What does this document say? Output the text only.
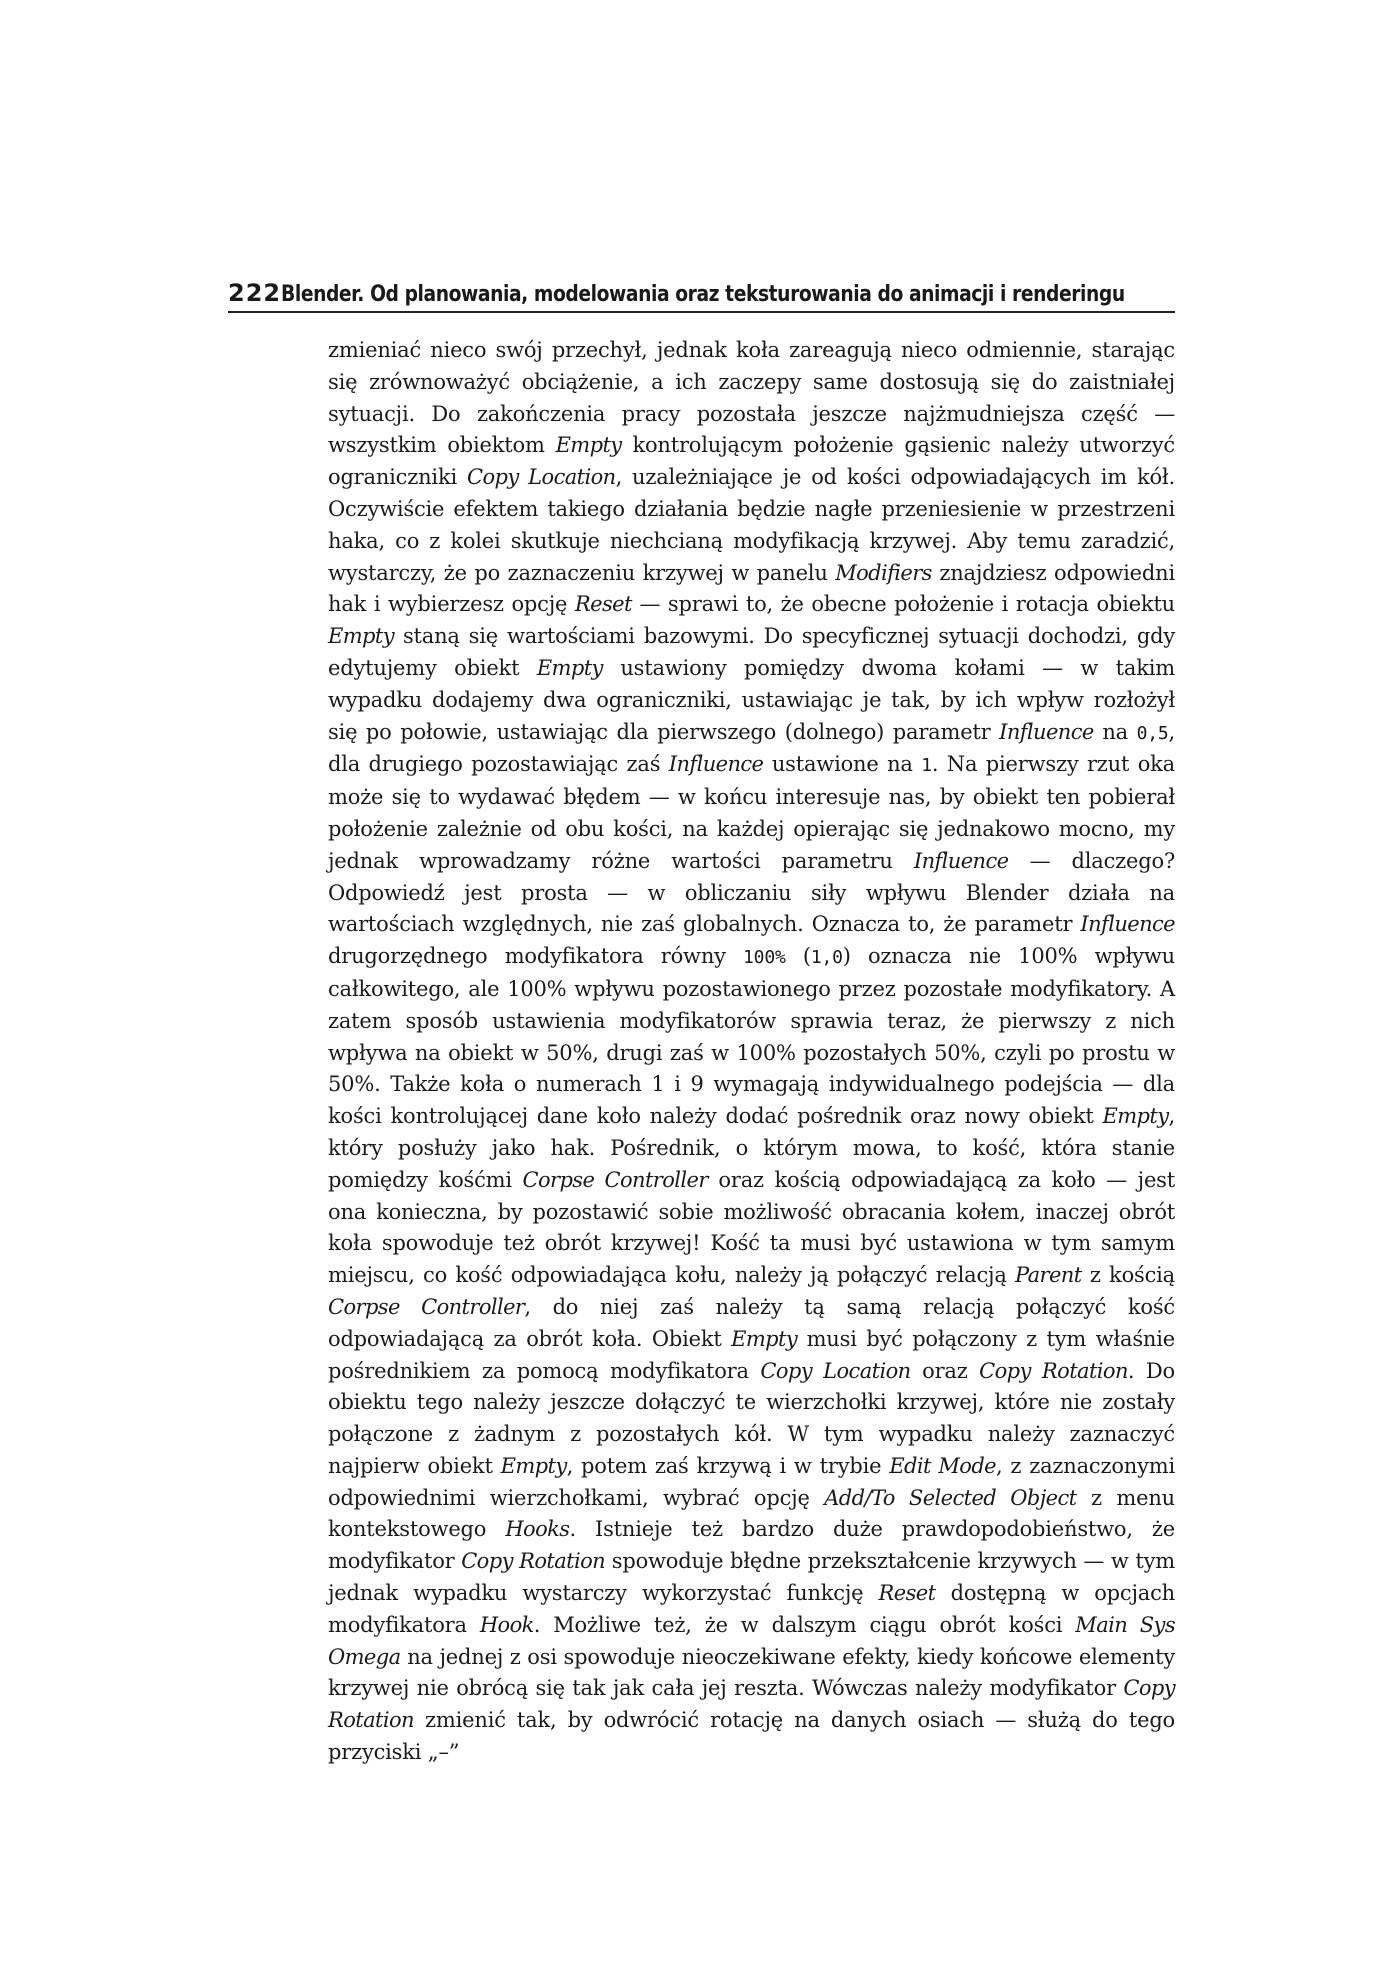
222 Blender. Od planowania, modelowania oraz teksturowania do animacji i renderingu

zmieniać nieco swój przechył, jednak koła zareagują nieco odmiennie, starając się zrównoważyć obciążenie, a ich zaczepy same dostosują się do zaistniałej sytuacji. Do zakończenia pracy pozostała jeszcze najżmudniejsza część — wszystkim obiektom Empty kontrolującym położenie gąsienic należy utworzyć ograniczniki Copy Location, uzależniające je od kości odpowiadających im kół. Oczywiście efektem takiego działania będzie nagłe przeniesienie w przestrzeni haka, co z kolei skutkuje niechcianą modyfikacją krzywej. Aby temu zaradzić, wystarczy, że po zaznaczeniu krzywej w panelu Modifiers znajdziesz odpowiedni hak i wybierzesz opcję Reset — sprawi to, że obecne położenie i rotacja obiektu Empty staną się wartościami bazowymi. Do specyficznej sytuacji dochodzi, gdy edytujemy obiekt Empty ustawiony pomiędzy dwoma kołami — w takim wypadku dodajemy dwa ograniczniki, ustawiając je tak, by ich wpływ rozłożył się po połowie, ustawiając dla pierwszego (dolnego) parametr Influence na 0,5, dla drugiego pozostawiając zaś Influence ustawione na 1. Na pierwszy rzut oka może się to wydawać błędem — w końcu interesuje nas, by obiekt ten pobierał położenie zależnie od obu kości, na każdej opierając się jednakowo mocno, my jednak wprowadzamy różne wartości parametru Influence — dlaczego? Odpowiedź jest prosta — w obliczaniu siły wpływu Blender działa na wartościach względnych, nie zaś globalnych. Oznacza to, że parametr Influence drugorzędnego modyfikatora równy 100% (1,0) oznacza nie 100% wpływu całkowitego, ale 100% wpływu pozostawionego przez pozostałe modyfikatory. A zatem sposób ustawienia modyfikatorów sprawia teraz, że pierwszy z nich wpływa na obiekt w 50%, drugi zaś w 100% pozostałych 50%, czyli po prostu w 50%. Także koła o numerach 1 i 9 wymagają indywidualnego podejścia — dla kości kontrolującej dane koło należy dodać pośrednik oraz nowy obiekt Empty, który posłuży jako hak. Pośrednik, o którym mowa, to kość, która stanie pomiędzy kośćmi Corpse Controller oraz kością odpowiadającą za koło — jest ona konieczna, by pozostawić sobie możliwość obracania kołem, inaczej obrót koła spowoduje też obrót krzywej! Kość ta musi być ustawiona w tym samym miejscu, co kość odpowiadająca kołu, należy ją połączyć relacją Parent z kością Corpse Controller, do niej zaś należy tą samą relacją połączyć kość odpowiadającą za obrót koła. Obiekt Empty musi być połączony z tym właśnie pośrednikiem za pomocą modyfikatora Copy Location oraz Copy Rotation. Do obiektu tego należy jeszcze dołączyć te wierzchołki krzywej, które nie zostały połączone z żadnym z pozostałych kół. W tym wypadku należy zaznaczyć najpierw obiekt Empty, potem zaś krzywą i w trybie Edit Mode, z zaznaczonymi odpowiednimi wierzchołkami, wybrać opcję Add/To Selected Object z menu kontekstowego Hooks. Istnieje też bardzo duże prawdopodobieństwo, że modyfikator Copy Rotation spowoduje błędne przekształcenie krzywych — w tym jednak wypadku wystarczy wykorzystać funkcję Reset dostępną w opcjach modyfikatora Hook. Możliwe też, że w dalszym ciągu obrót kości Main Sys Omega na jednej z osi spowoduje nieoczekiwane efekty, kiedy końcowe elementy krzywej nie obrócą się tak jak cała jej reszta. Wówczas należy modyfikator Copy Rotation zmienić tak, by odwrócić rotację na danych osiach — służą do tego przyciski „–”
